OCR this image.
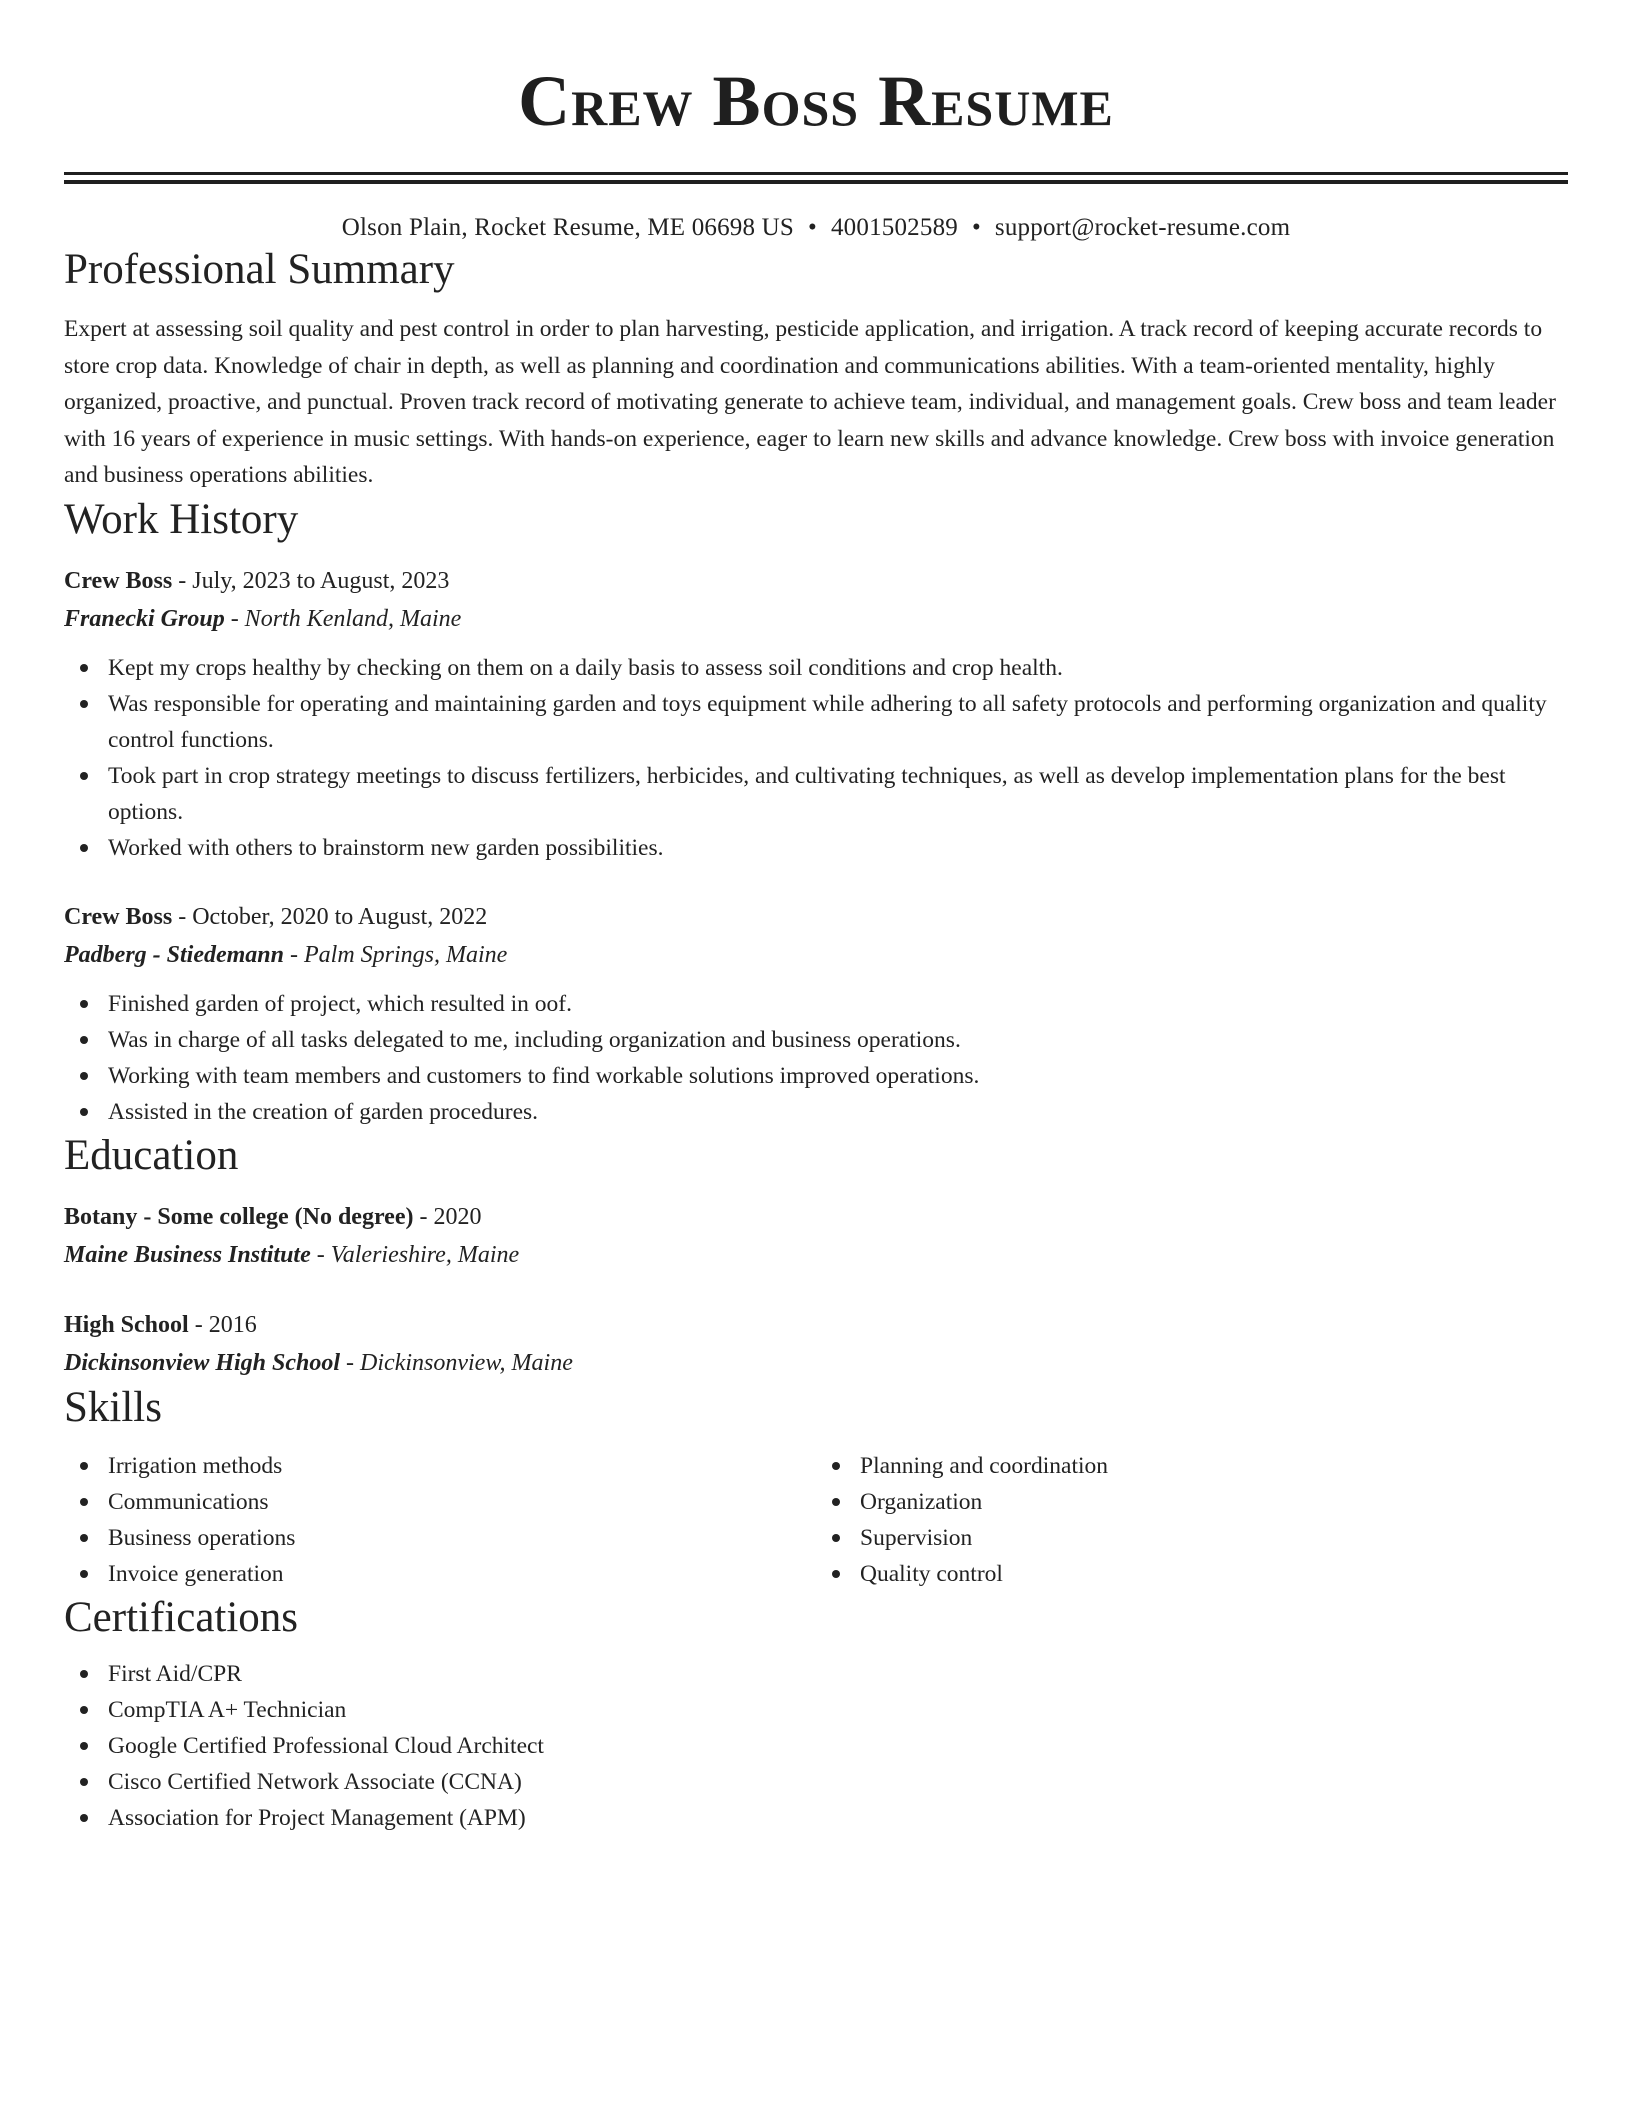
Crew Boss Resume
Olson Plain, Rocket Resume, ME 06698 US • 4001502589 • support@rocket-resume.com
Professional Summary

Expert at assessing soil quality and pest control in order to plan harvesting, pesticide application, and irrigation. A track record of keeping accurate records to store crop data. Knowledge of chair in depth, as well as planning and coordination and communications abilities. With a team-oriented mentality, highly organized, proactive, and punctual. Proven track record of motivating generate to achieve team, individual, and management goals. Crew boss and team leader with 16 years of experience in music settings. With hands-on experience, eager to learn new skills and advance knowledge. Crew boss with invoice generation and business operations abilities.

Work History
Crew Boss - July, 2023 to August, 2023
Franecki Group - North Kenland, Maine
Kept my crops healthy by checking on them on a daily basis to assess soil conditions and crop health.
Was responsible for operating and maintaining garden and toys equipment while adhering to all safety protocols and performing organization and quality control functions.
Took part in crop strategy meetings to discuss fertilizers, herbicides, and cultivating techniques, as well as develop implementation plans for the best options.
Worked with others to brainstorm new garden possibilities.
Crew Boss - October, 2020 to August, 2022
Padberg - Stiedemann - Palm Springs, Maine
Finished garden of project, which resulted in oof.
Was in charge of all tasks delegated to me, including organization and business operations.
Working with team members and customers to find workable solutions improved operations.
Assisted in the creation of garden procedures.
Education
Botany - Some college (No degree) - 2020
Maine Business Institute - Valerieshire, Maine
High School - 2016
Dickinsonview High School - Dickinsonview, Maine
Skills
Irrigation methods
Communications
Business operations
Invoice generation
Planning and coordination
Organization
Supervision
Quality control
Certifications
First Aid/CPR
CompTIA A+ Technician
Google Certified Professional Cloud Architect
Cisco Certified Network Associate (CCNA)
Association for Project Management (APM)
